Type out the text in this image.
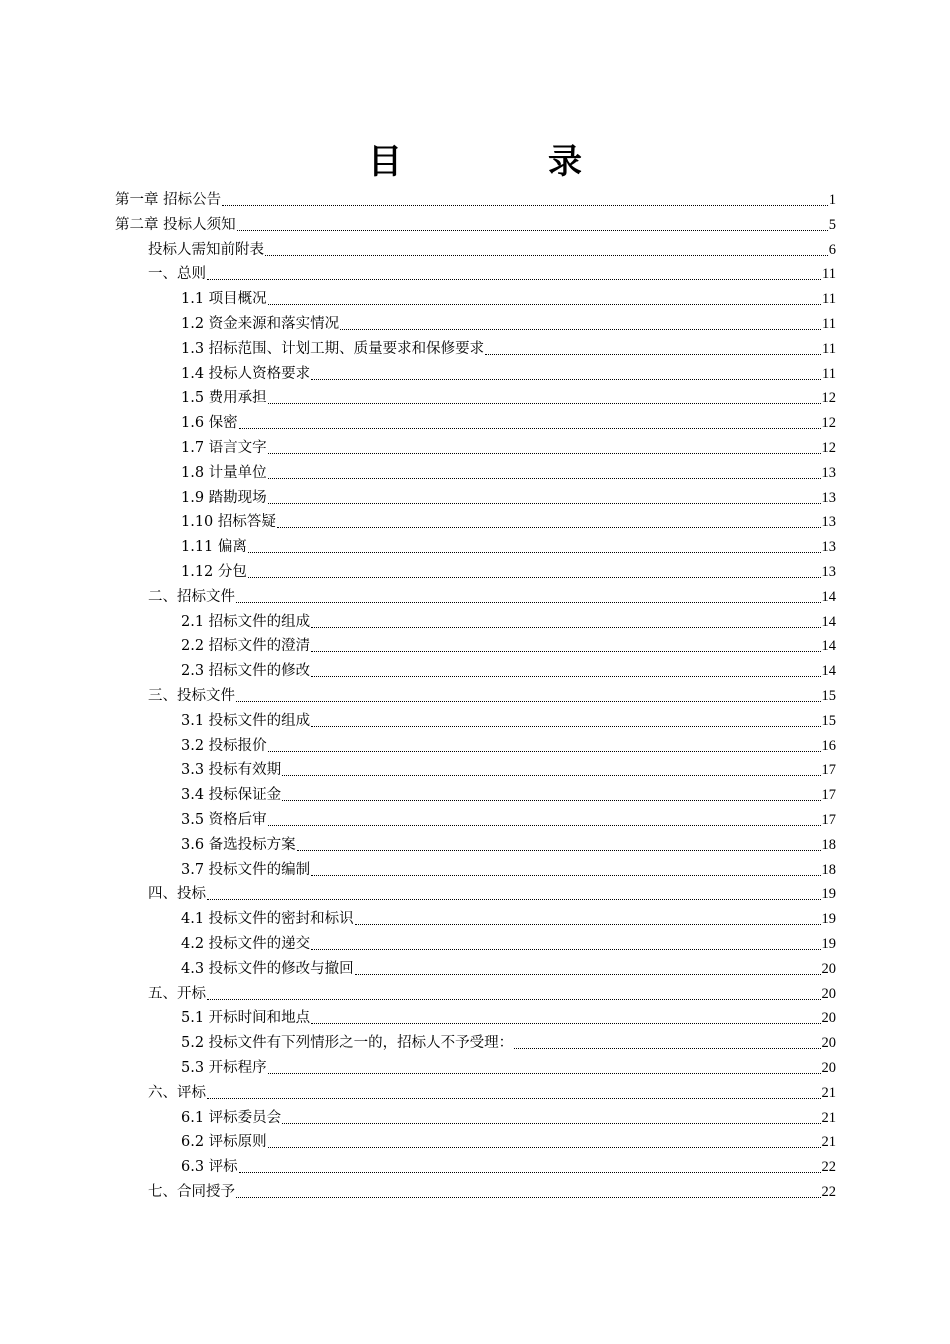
目　录
第一章 招标公告	1
第二章 投标人须知	5
投标人需知前附表	6
一、总则	11
1.1 项目概况	11
1.2 资金来源和落实情况	11
1.3 招标范围、计划工期、质量要求和保修要求	11
1.4 投标人资格要求	11
1.5 费用承担	12
1.6 保密	12
1.7 语言文字	12
1.8 计量单位	13
1.9 踏勘现场	13
1.10 招标答疑	13
1.11 偏离	13
1.12 分包	13
二、招标文件	14
2.1 招标文件的组成	14
2.2 招标文件的澄清	14
2.3 招标文件的修改	14
三、投标文件	15
3.1 投标文件的组成	15
3.2 投标报价	16
3.3 投标有效期	17
3.4 投标保证金	17
3.5 资格后审	17
3.6 备选投标方案	18
3.7 投标文件的编制	18
四、投标	19
4.1 投标文件的密封和标识	19
4.2 投标文件的递交	19
4.3 投标文件的修改与撤回	20
五、开标	20
5.1 开标时间和地点	20
5.2 投标文件有下列情形之一的，招标人不予受理：	20
5.3 开标程序	20
六、评标	21
6.1 评标委员会	21
6.2 评标原则	21
6.3 评标	22
七、合同授予	22
